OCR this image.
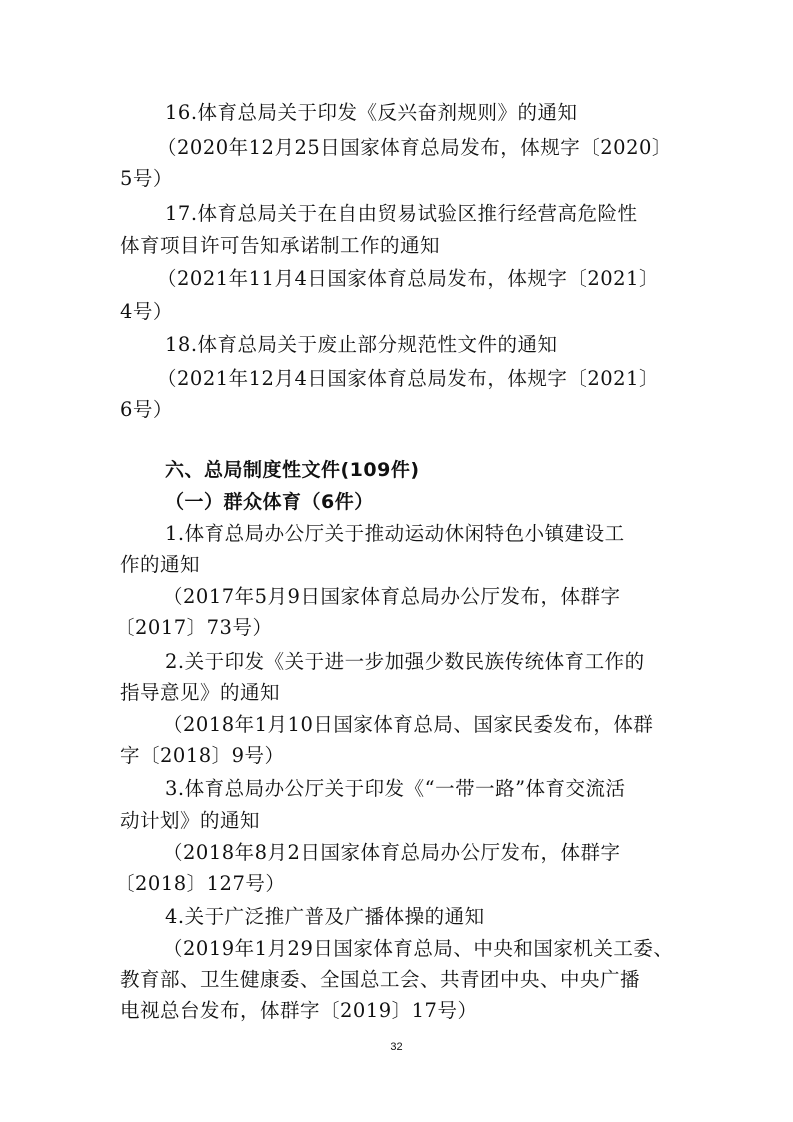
16.体育总局关于印发《反兴奋剂规则》的通知
（2020年12月25日国家体育总局发布，体规字〔2020〕
5号）
17.体育总局关于在自由贸易试验区推行经营高危险性
体育项目许可告知承诺制工作的通知
（2021年11月4日国家体育总局发布，体规字〔2021〕
4号）
18.体育总局关于废止部分规范性文件的通知
（2021年12月4日国家体育总局发布，体规字〔2021〕
6号）
六、总局制度性文件(109件)
（一）群众体育（6件）
1.体育总局办公厅关于推动运动休闲特色小镇建设工
作的通知
（2017年5月9日国家体育总局办公厅发布，体群字
〔2017〕73号）
2.关于印发《关于进一步加强少数民族传统体育工作的
指导意见》的通知
（2018年1月10日国家体育总局、国家民委发布，体群
字〔2018〕9号）
3.体育总局办公厅关于印发《“一带一路”体育交流活
动计划》的通知
（2018年8月2日国家体育总局办公厅发布，体群字
〔2018〕127号）
4.关于广泛推广普及广播体操的通知
（2019年1月29日国家体育总局、中央和国家机关工委、
教育部、卫生健康委、全国总工会、共青团中央、中央广播
电视总台发布，体群字〔2019〕17号）
32
